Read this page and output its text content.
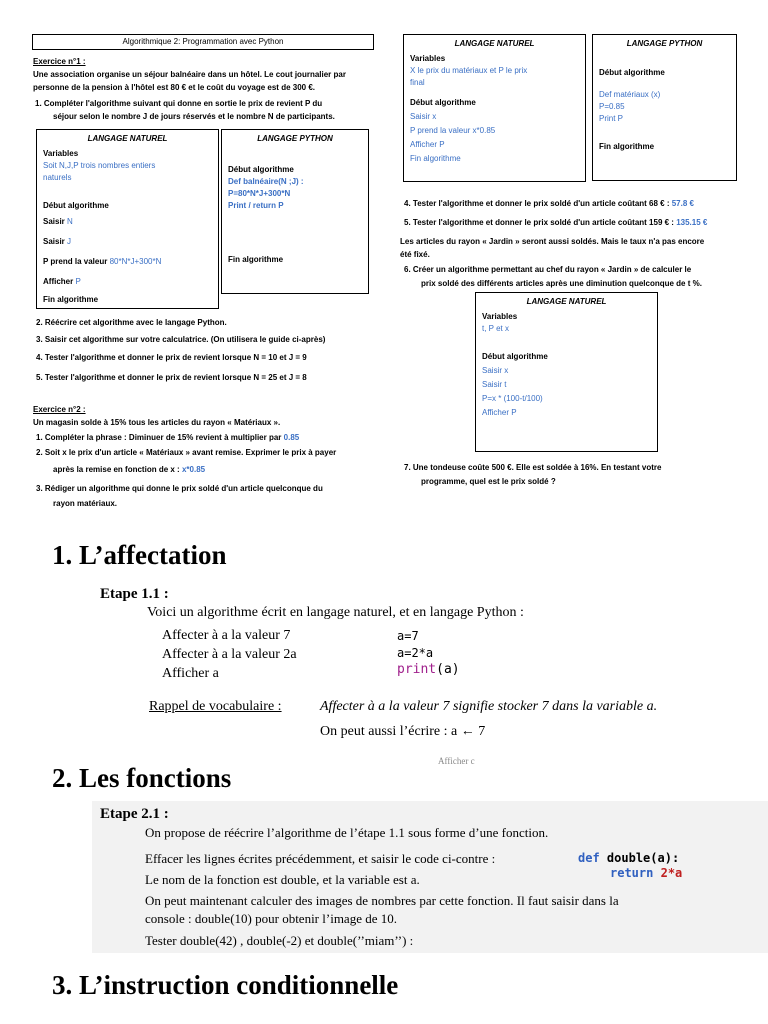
Algorithmique 2: Programmation avec Python
Exercice n°1 :
Une association organise un séjour balnéaire dans un hôtel. Le cout journalier par
personne de la pension à l'hôtel est 80 € et le coût du voyage est de 300 €.
1. Compléter l'algorithme suivant qui donne en sortie le prix de revient P du
séjour selon le nombre J de jours réservés et le nombre N de participants.
LANGAGE NATUREL
Variables
Soit N,J,P trois nombres entiers
naturels
Début algorithme
Saisir N
Saisir J
P prend la valeur 80*N*J+300*N
Afficher P
Fin algorithme
LANGAGE PYTHON
Début algorithme
Def balnéaire(N ;J) :
P=80*N*J+300*N
Print / return P
Fin algorithme
2. Réécrire cet algorithme avec le langage Python.
3. Saisir cet algorithme sur votre calculatrice. (On utilisera le guide ci-après)
4. Tester l'algorithme et donner le prix de revient lorsque N = 10 et J = 9
5. Tester l'algorithme et donner le prix de revient lorsque N = 25 et J = 8
Exercice n°2 :
Un magasin solde à 15% tous les articles du rayon « Matériaux ».
1. Compléter la phrase : Diminuer de 15% revient à multiplier par 0.85
2. Soit x le prix d'un article « Matériaux » avant remise. Exprimer le prix à payer
après la remise en fonction de x : x*0.85
3. Rédiger un algorithme qui donne le prix soldé d'un article quelconque du
rayon matériaux.
LANGAGE NATUREL
Variables
X le prix du matériaux et P le prix
final
Début algorithme
Saisir x
P prend la valeur x*0.85
Afficher P
Fin algorithme
LANGAGE PYTHON
Début algorithme
Def matériaux (x)
P=0.85
Print P
Fin algorithme
4. Tester l'algorithme et donner le prix soldé d'un article coûtant 68 € : 57.8 €
5. Tester l'algorithme et donner le prix soldé d'un article coûtant 159 € : 135.15 €
Les articles du rayon « Jardin » seront aussi soldés. Mais le taux n'a pas encore
été fixé.
6. Créer un algorithme permettant au chef du rayon « Jardin » de calculer le
prix soldé des différents articles après une diminution quelconque de t %.
LANGAGE NATUREL
Variables
t, P et x
Début algorithme
Saisir x
Saisir t
P=x * (100-t/100)
Afficher P
7. Une tondeuse coûte 500 €. Elle est soldée à 16%. En testant votre
programme, quel est le prix soldé ?
1. L’affectation
Etape 1.1 :
Voici un algorithme écrit en langage naturel, et en langage Python :
Affecter à a la valeur 7
Affecter à a la valeur 2a
Afficher a
a=7
a=2*a
print(a)
Rappel de vocabulaire :	Affecter à a la valeur 7 signifie stocker 7 dans la variable a.
On peut aussi l’écrire : a ← 7
Afficher c
2. Les fonctions
Etape 2.1 :
On propose de réécrire l’algorithme de l’étape 1.1 sous forme d’une fonction.
Effacer les lignes écrites précédemment, et saisir le code ci-contre :
Le nom de la fonction est double, et la variable est a.
On peut maintenant calculer des images de nombres par cette fonction. Il faut saisir dans la
console : double(10) pour obtenir l’image de 10.
Tester double(42) , double(-2) et double(’’miam’’) :
def double(a):
return 2*a
3. L’instruction conditionnelle
